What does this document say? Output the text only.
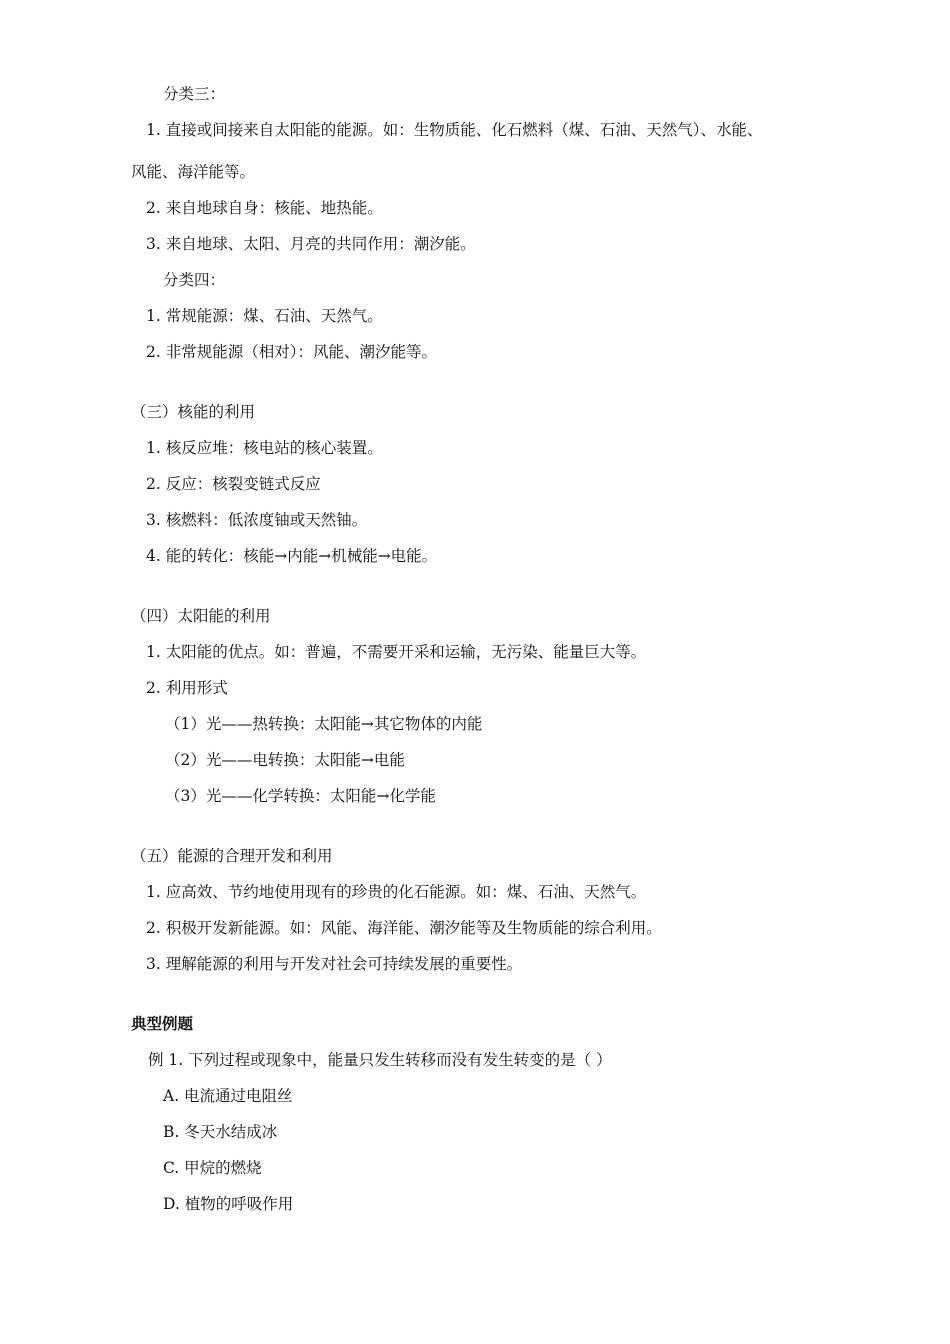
分类三：
1. 直接或间接来自太阳能的能源。如：生物质能、化石燃料（煤、石油、天然气）、水能、
风能、海洋能等。
2. 来自地球自身：核能、地热能。
3. 来自地球、太阳、月亮的共同作用：潮汐能。
分类四：
1. 常规能源：煤、石油、天然气。
2. 非常规能源（相对）：风能、潮汐能等。
（三）核能的利用
1. 核反应堆：核电站的核心装置。
2. 反应：核裂变链式反应
3. 核燃料：低浓度铀或天然铀。
4. 能的转化：核能→内能→机械能→电能。
（四）太阳能的利用
1. 太阳能的优点。如：普遍，不需要开采和运输，无污染、能量巨大等。
2. 利用形式
（1）光——热转换：太阳能→其它物体的内能
（2）光——电转换：太阳能→电能
（3）光——化学转换：太阳能→化学能
（五）能源的合理开发和利用
1. 应高效、节约地使用现有的珍贵的化石能源。如：煤、石油、天然气。
2. 积极开发新能源。如：风能、海洋能、潮汐能等及生物质能的综合利用。
3. 理解能源的利用与开发对社会可持续发展的重要性。
典型例题
例 1. 下列过程或现象中，能量只发生转移而没有发生转变的是（ ）
A. 电流通过电阻丝
B. 冬天水结成冰
C. 甲烷的燃烧
D. 植物的呼吸作用
